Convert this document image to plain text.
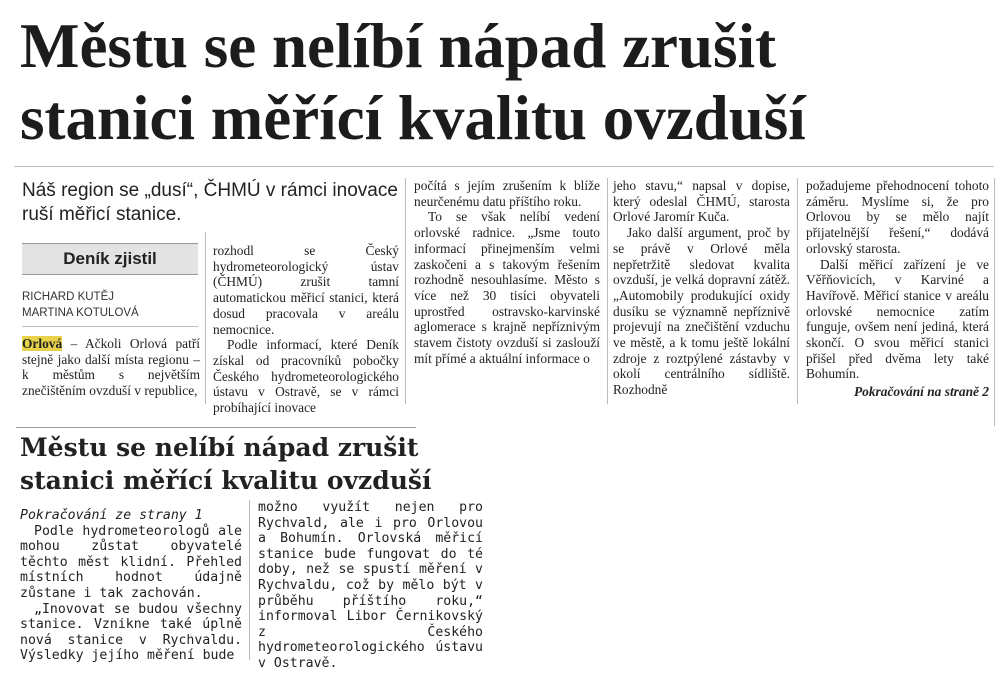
Městu se nelíbí nápad zrušit
stanici měřící kvalitu ovzduší

Náš region se „dusí“, ČHMÚ v rámci inovace ruší měřicí stanice.

Deník zjistil
RICHARD KUTĚJ
MARTINA KOTULOVÁ

Orlová – Ačkoli Orlová patří stejně jako další místa regionu – k městům s největším znečištěním ovzduší v republice,

rozhodl se Český hydrometeorologický ústav (ČHMÚ) zrušit tamní automatickou měřicí stanici, která dosud pracovala v areálu nemocnice.

Podle informací, které Deník získal od pracovníků pobočky Českého hydrometeorologického ústavu v Ostravě, se v rámci probíhající inovace

počítá s jejím zrušením k blíže neurčenému datu příštího roku.

To se však nelíbí vedení orlovské radnice. „Jsme touto informací přinejmenším velmi zaskočeni a s takovým řešením rozhodně nesouhlasíme. Město s více než 30 tisíci obyvateli uprostřed ostravsko-karvinské aglomerace s krajně nepříznivým stavem čistoty ovzduší si zaslouží mít přímé a aktuální informace o

jeho stavu,“ napsal v dopise, který odeslal ČHMÚ, starosta Orlové Jaromír Kuča.

Jako další argument, proč by se právě v Orlové měla nepřetržitě sledovat kvalita ovzduší, je velká dopravní zátěž. „Automobily produkující oxidy dusíku se významně nepříznivě projevují na znečištění vzduchu ve městě, a k tomu ještě lokální zdroje z roztpýlené zástavby v okolí centrálního sídliště. Rozhodně

požadujeme přehodnocení tohoto záměru. Myslíme si, že pro Orlovou by se mělo najít přijatelnější řešení,“ dodává orlovský starosta.

Další měřicí zařízení je ve Věřňovicích, v Karviné a Havířově. Měřicí stanice v areálu orlovské nemocnice zatím funguje, ovšem není jediná, která skončí. O svou měřicí stanici přišel před dvěma lety také Bohumín.

Pokračování na straně 2
Městu se nelíbí nápad zrušit
stanici měřící kvalitu ovzduší

Pokračování ze strany 1

Podle hydrometeorologů ale mohou zůstat obyvatelé těchto měst klidní. Přehled místních hodnot údajně zůstane i tak zachován.

„Inovovat se budou všechny stanice. Vznikne také úplně nová stanice v Rychvaldu. Výsledky jejího měření bude

možno využít nejen pro Rychvald, ale i pro Orlovou a Bohumín. Orlovská měřicí stanice bude fungovat do té doby, než se spustí měření v Rychvaldu, což by mělo být v průběhu příštího roku,“ informoval Libor Černikovský z Českého hydrometeorologického ústavu v Ostravě.
